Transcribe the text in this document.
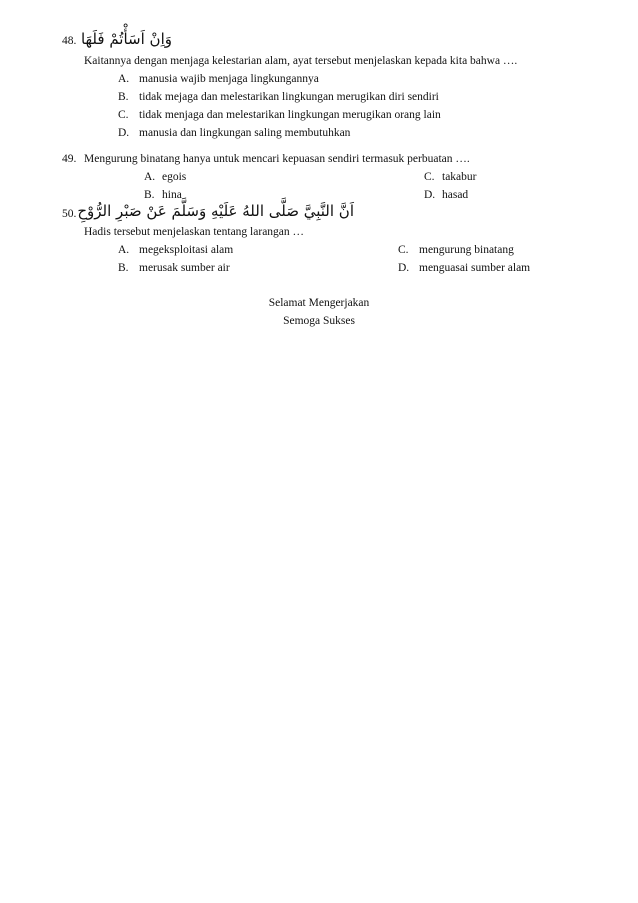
48. وَاِنْ اَسَأْتُمْ فَلَهَا
Kaitannya dengan menjaga kelestarian alam, ayat tersebut menjelaskan kepada kita bahwa ….
A. manusia wajib menjaga lingkungannya
B. tidak mejaga dan melestarikan lingkungan merugikan diri sendiri
C. tidak menjaga dan melestarikan lingkungan merugikan orang lain
D. manusia dan lingkungan saling membutuhkan
49. Mengurung binatang hanya untuk mencari kepuasan sendiri termasuk perbuatan ….
A. egois
B. hina
C. takabur
D. hasad
50. اَنَّ النَّبِيَّ صَلَّى اللهُ عَلَيْهِ وَسَلَّمَ عَنْ صَبْرِ الرُّوْحِ
Hadis tersebut menjelaskan tentang larangan …
A. megeksploitasi alam
B. merusak sumber air
C. mengurung binatang
D. menguasai sumber alam
Selamat Mengerjakan
Semoga Sukses
